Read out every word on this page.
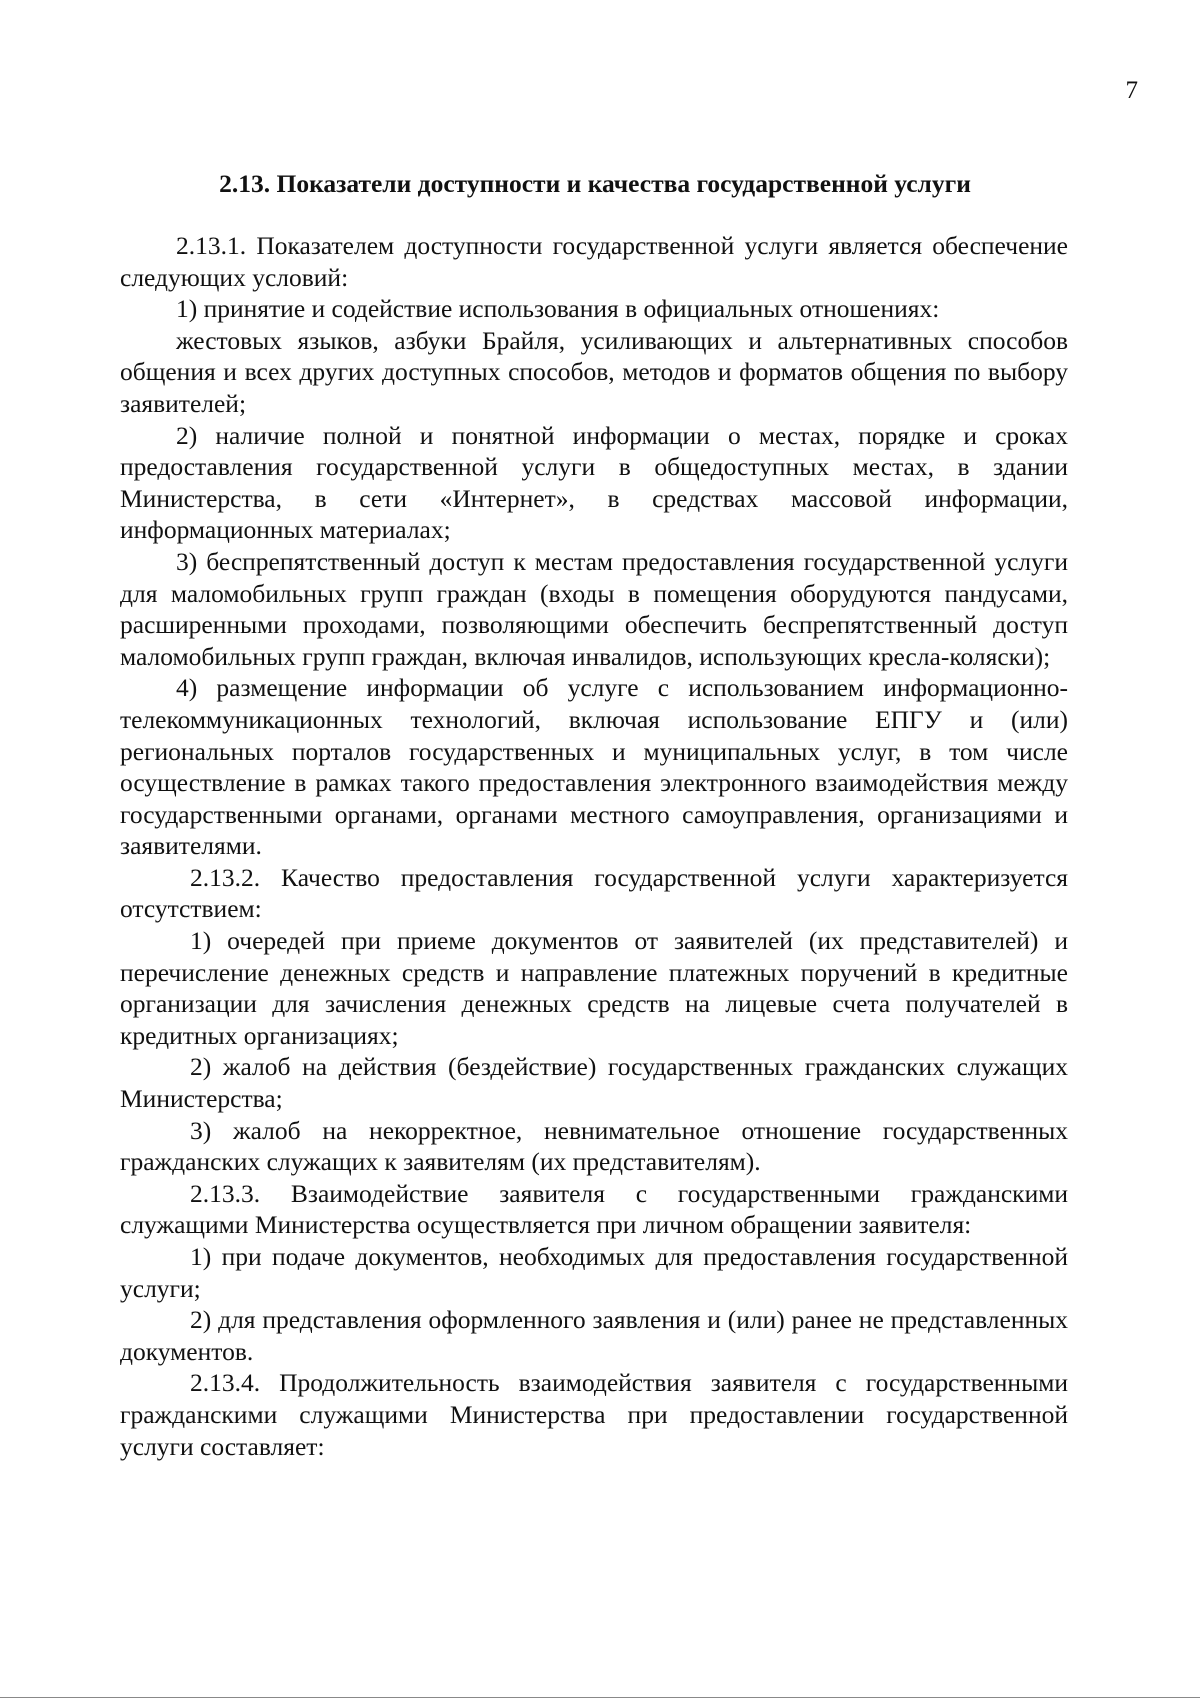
7
2.13. Показатели доступности и качества государственной услуги

2.13.1. Показателем доступности государственной услуги является обеспечение следующих условий:

1) принятие и содействие использования в официальных отношениях:

жестовых языков, азбуки Брайля, усиливающих и альтернативных способов общения и всех других доступных способов, методов и форматов общения по выбору заявителей;

2) наличие полной и понятной информации о местах, порядке и сроках предоставления государственной услуги в общедоступных местах, в здании Министерства, в сети «Интернет», в средствах массовой информации, информационных материалах;

3) беспрепятственный доступ к местам предоставления государственной услуги для маломобильных групп граждан (входы в помещения оборудуются пандусами, расширенными проходами, позволяющими обеспечить беспрепятственный доступ маломобильных групп граждан, включая инвалидов, использующих кресла-коляски);

4) размещение информации об услуге с использованием информационно-телекоммуникационных технологий, включая использование ЕПГУ и (или) региональных порталов государственных и муниципальных услуг, в том числе осуществление в рамках такого предоставления электронного взаимодействия между государственными органами, органами местного самоуправления, организациями и заявителями.

2.13.2. Качество предоставления государственной услуги характеризуется отсутствием:

1) очередей при приеме документов от заявителей (их представителей) и перечисление денежных средств и направление платежных поручений в кредитные организации для зачисления денежных средств на лицевые счета получателей в кредитных организациях;

2) жалоб на действия (бездействие) государственных гражданских служащих Министерства;

3) жалоб на некорректное, невнимательное отношение государственных гражданских служащих к заявителям (их представителям).

2.13.3. Взаимодействие заявителя с государственными гражданскими служащими Министерства осуществляется при личном обращении заявителя:

1) при подаче документов, необходимых для предоставления государственной услуги;

2) для представления оформленного заявления и (или) ранее не представленных документов.

2.13.4. Продолжительность взаимодействия заявителя с государственными гражданскими служащими Министерства при предоставлении государственной услуги составляет:
